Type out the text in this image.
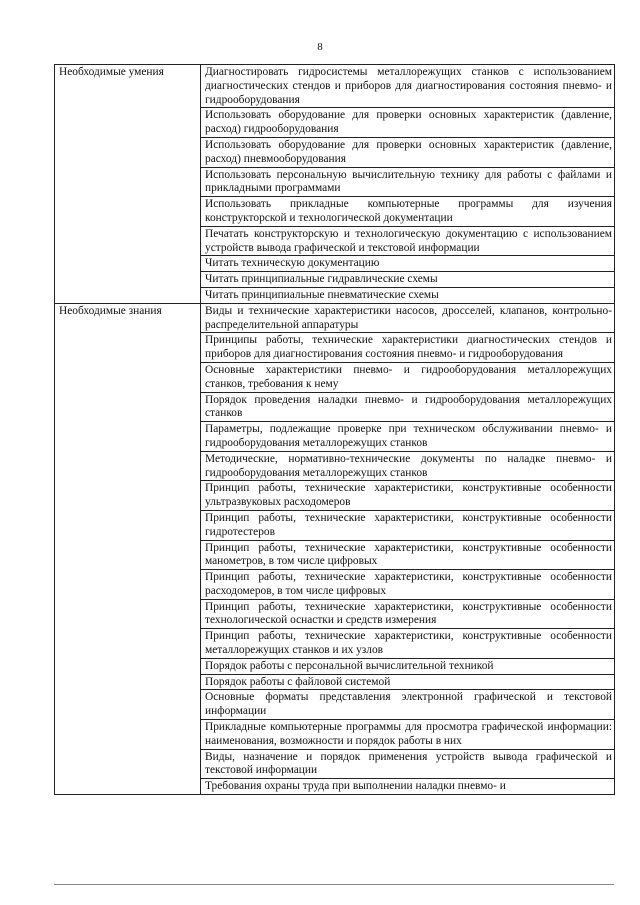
8
Необходимые умения	Диагностировать гидросистемы металлорежущих станков с использованием диагностических стендов и приборов для диагностирования состояния пневмо- и гидрооборудования
	Использовать оборудование для проверки основных характеристик (давление, расход) гидрооборудования
	Использовать оборудование для проверки основных характеристик (давление, расход) пневмооборудования
	Использовать персональную вычислительную технику для работы с файлами и прикладными программами
	Использовать прикладные компьютерные программы для изучения конструкторской и технологической документации
	Печатать конструкторскую и технологическую документацию с использованием устройств вывода графической и текстовой информации
	Читать техническую документацию
	Читать принципиальные гидравлические схемы
	Читать принципиальные пневматические схемы
Необходимые знания	Виды и технические характеристики насосов, дросселей, клапанов, контрольно-распределительной аппаратуры
	Принципы работы, технические характеристики диагностических стендов и приборов для диагностирования состояния пневмо- и гидрооборудования
	Основные характеристики пневмо- и гидрооборудования металлорежущих станков, требования к нему
	Порядок проведения наладки пневмо- и гидрооборудования металлорежущих станков
	Параметры, подлежащие проверке при техническом обслуживании пневмо- и гидрооборудования металлорежущих станков
	Методические, нормативно-технические документы по наладке пневмо- и гидрооборудования металлорежущих станков
	Принцип работы, технические характеристики, конструктивные особенности ультразвуковых расходомеров
	Принцип работы, технические характеристики, конструктивные особенности гидротестеров
	Принцип работы, технические характеристики, конструктивные особенности манометров, в том числе цифровых
	Принцип работы, технические характеристики, конструктивные особенности расходомеров, в том числе цифровых
	Принцип работы, технические характеристики, конструктивные особенности технологической оснастки и средств измерения
	Принцип работы, технические характеристики, конструктивные особенности металлорежущих станков и их узлов
	Порядок работы с персональной вычислительной техникой
	Порядок работы с файловой системой
	Основные форматы представления электронной графической и текстовой информации
	Прикладные компьютерные программы для просмотра графической информации: наименования, возможности и порядок работы в них
	Виды, назначение и порядок применения устройств вывода графической и текстовой информации
	Требования охраны труда при выполнении наладки пневмо- и
